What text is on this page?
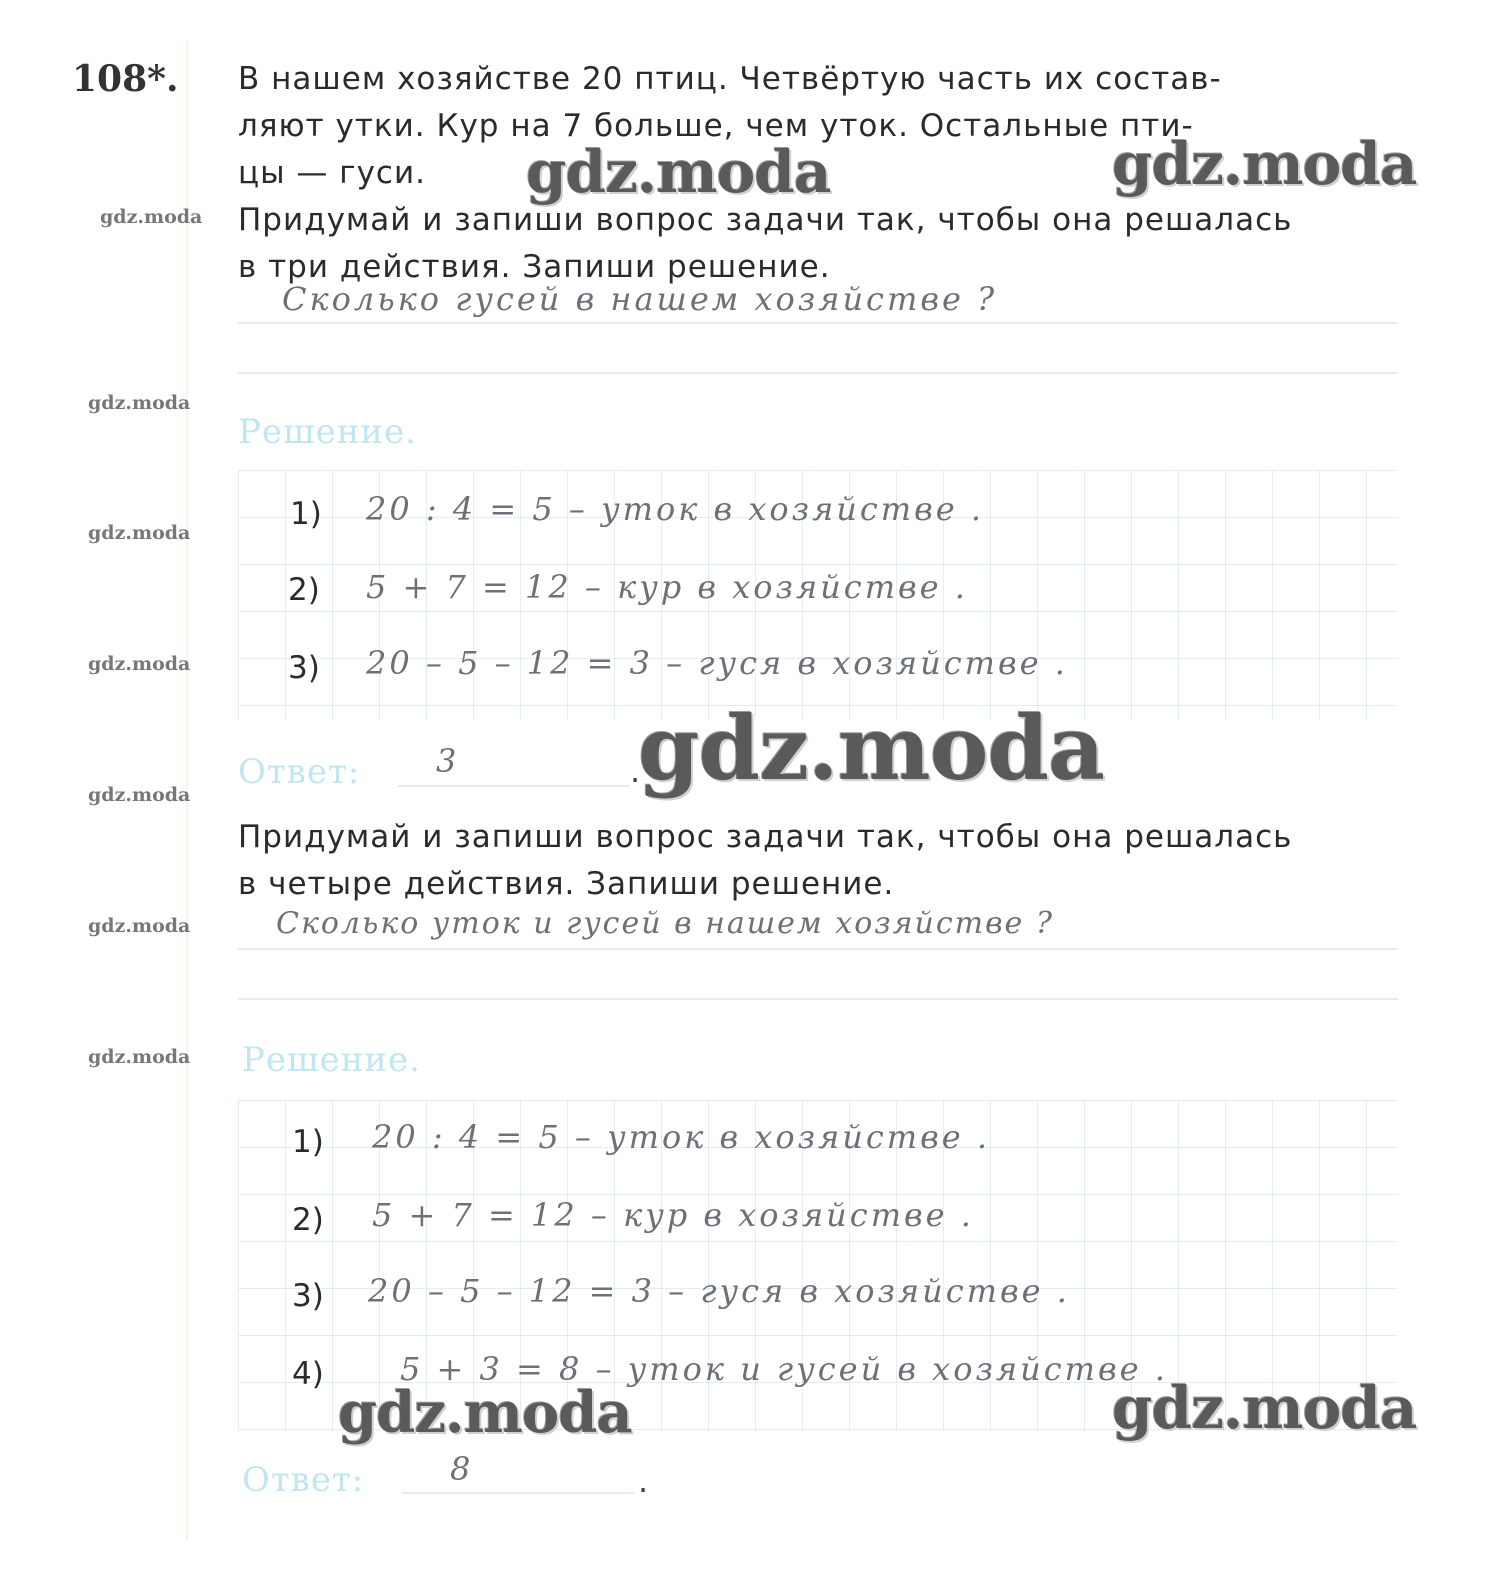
108*. В нашем хозяйстве 20 птиц. Четвёртую часть их состав-

ляют утки. Кур на 7 больше, чем уток. Остальные пти-

цы — гуси.

Придумай и запиши вопрос задачи так, чтобы она решалась

в три действия. Запиши решение.

Сколько гусей в нашем хозяйстве ?
Решение.
1) 20 : 4 = 5 – уток в хозяйстве .
2) 5 + 7 = 12 – кур в хозяйстве .
3) 20 – 5 – 12 = 3 – гуся в хозяйстве .
Ответ: 3	.

Придумай и запиши вопрос задачи так, чтобы она решалась

в четыре действия. Запиши решение.

Сколько уток и гусей в нашем хозяйстве ?
Решение.
1) 20 : 4 = 5 – уток в хозяйстве .
2) 5 + 7 = 12 – кур в хозяйстве .
3) 20 – 5 – 12 = 3 – гуся в хозяйстве .
4) 5 + 3 = 8 – уток и гусей в хозяйстве .
Ответ:	8	.
gdz.moda	gdz.moda
gdz.moda
gdz.moda	gdz.moda
gdz.moda
gdz.moda
gdz.moda
gdz.moda
gdz.moda
gdz.moda
gdz.moda
